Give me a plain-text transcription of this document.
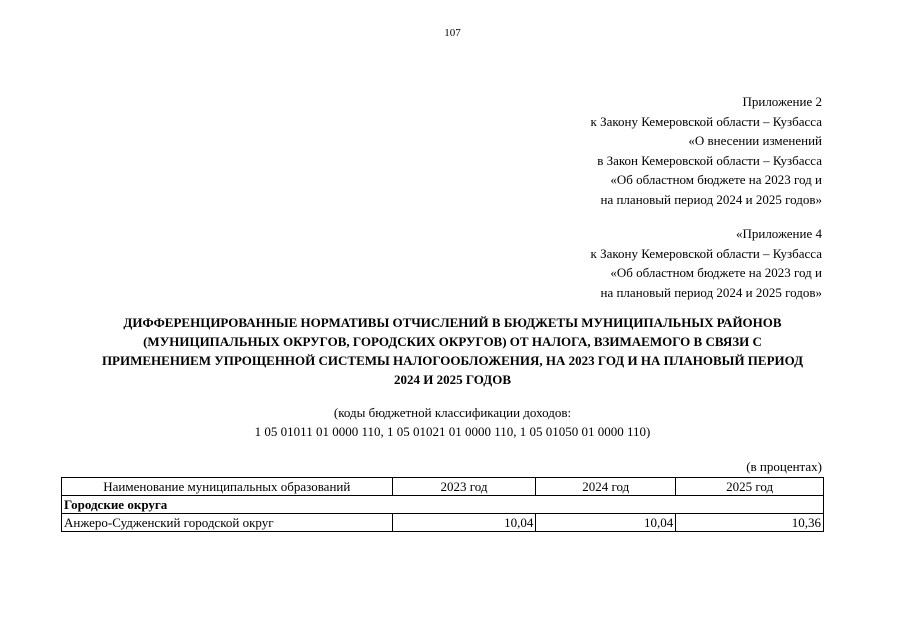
107
Приложение 2
к Закону Кемеровской области – Кузбасса
«О внесении изменений
в Закон Кемеровской области – Кузбасса
«Об областном бюджете на 2023 год и
на плановый период 2024 и 2025 годов»
«Приложение 4
к Закону Кемеровской области – Кузбасса
«Об областном бюджете на 2023 год и
на плановый период 2024 и 2025 годов»
ДИФФЕРЕНЦИРОВАННЫЕ НОРМАТИВЫ ОТЧИСЛЕНИЙ В БЮДЖЕТЫ МУНИЦИПАЛЬНЫХ РАЙОНОВ
(МУНИЦИПАЛЬНЫХ ОКРУГОВ, ГОРОДСКИХ ОКРУГОВ) ОТ НАЛОГА, ВЗИМАЕМОГО В СВЯЗИ С
ПРИМЕНЕНИЕМ УПРОЩЕННОЙ СИСТЕМЫ НАЛОГООБЛОЖЕНИЯ, НА 2023 ГОД И НА ПЛАНОВЫЙ ПЕРИОД
2024 И 2025 ГОДОВ
(коды бюджетной классификации доходов:
1 05 01011 01 0000 110, 1 05 01021 01 0000 110, 1 05 01050 01 0000 110)
(в процентах)
Наименование муниципальных образований	2023 год	2024 год	2025 год
Городские округа			
Анжеро-Судженский городской округ	10,04	10,04	10,36
